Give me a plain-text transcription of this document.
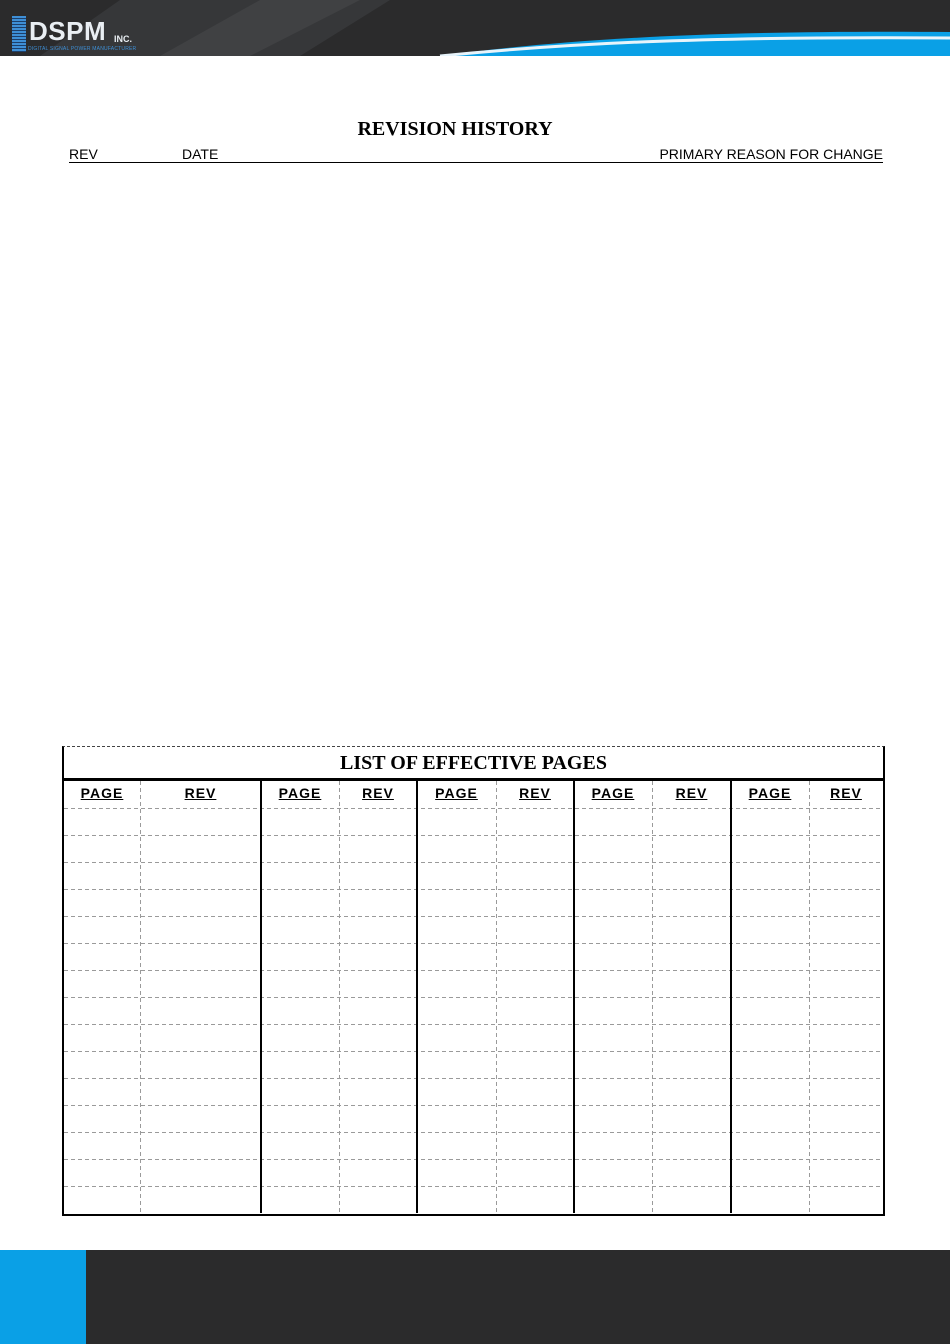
DSPM INC.
DIGITAL SIGNAL POWER MANUFACTURER
REVISION HISTORY
REV	DATE	PRIMARY REASON FOR CHANGE
LIST OF EFFECTIVE PAGES
PAGE	REV	PAGE	REV	PAGE	REV	PAGE	REV	PAGE	REV
